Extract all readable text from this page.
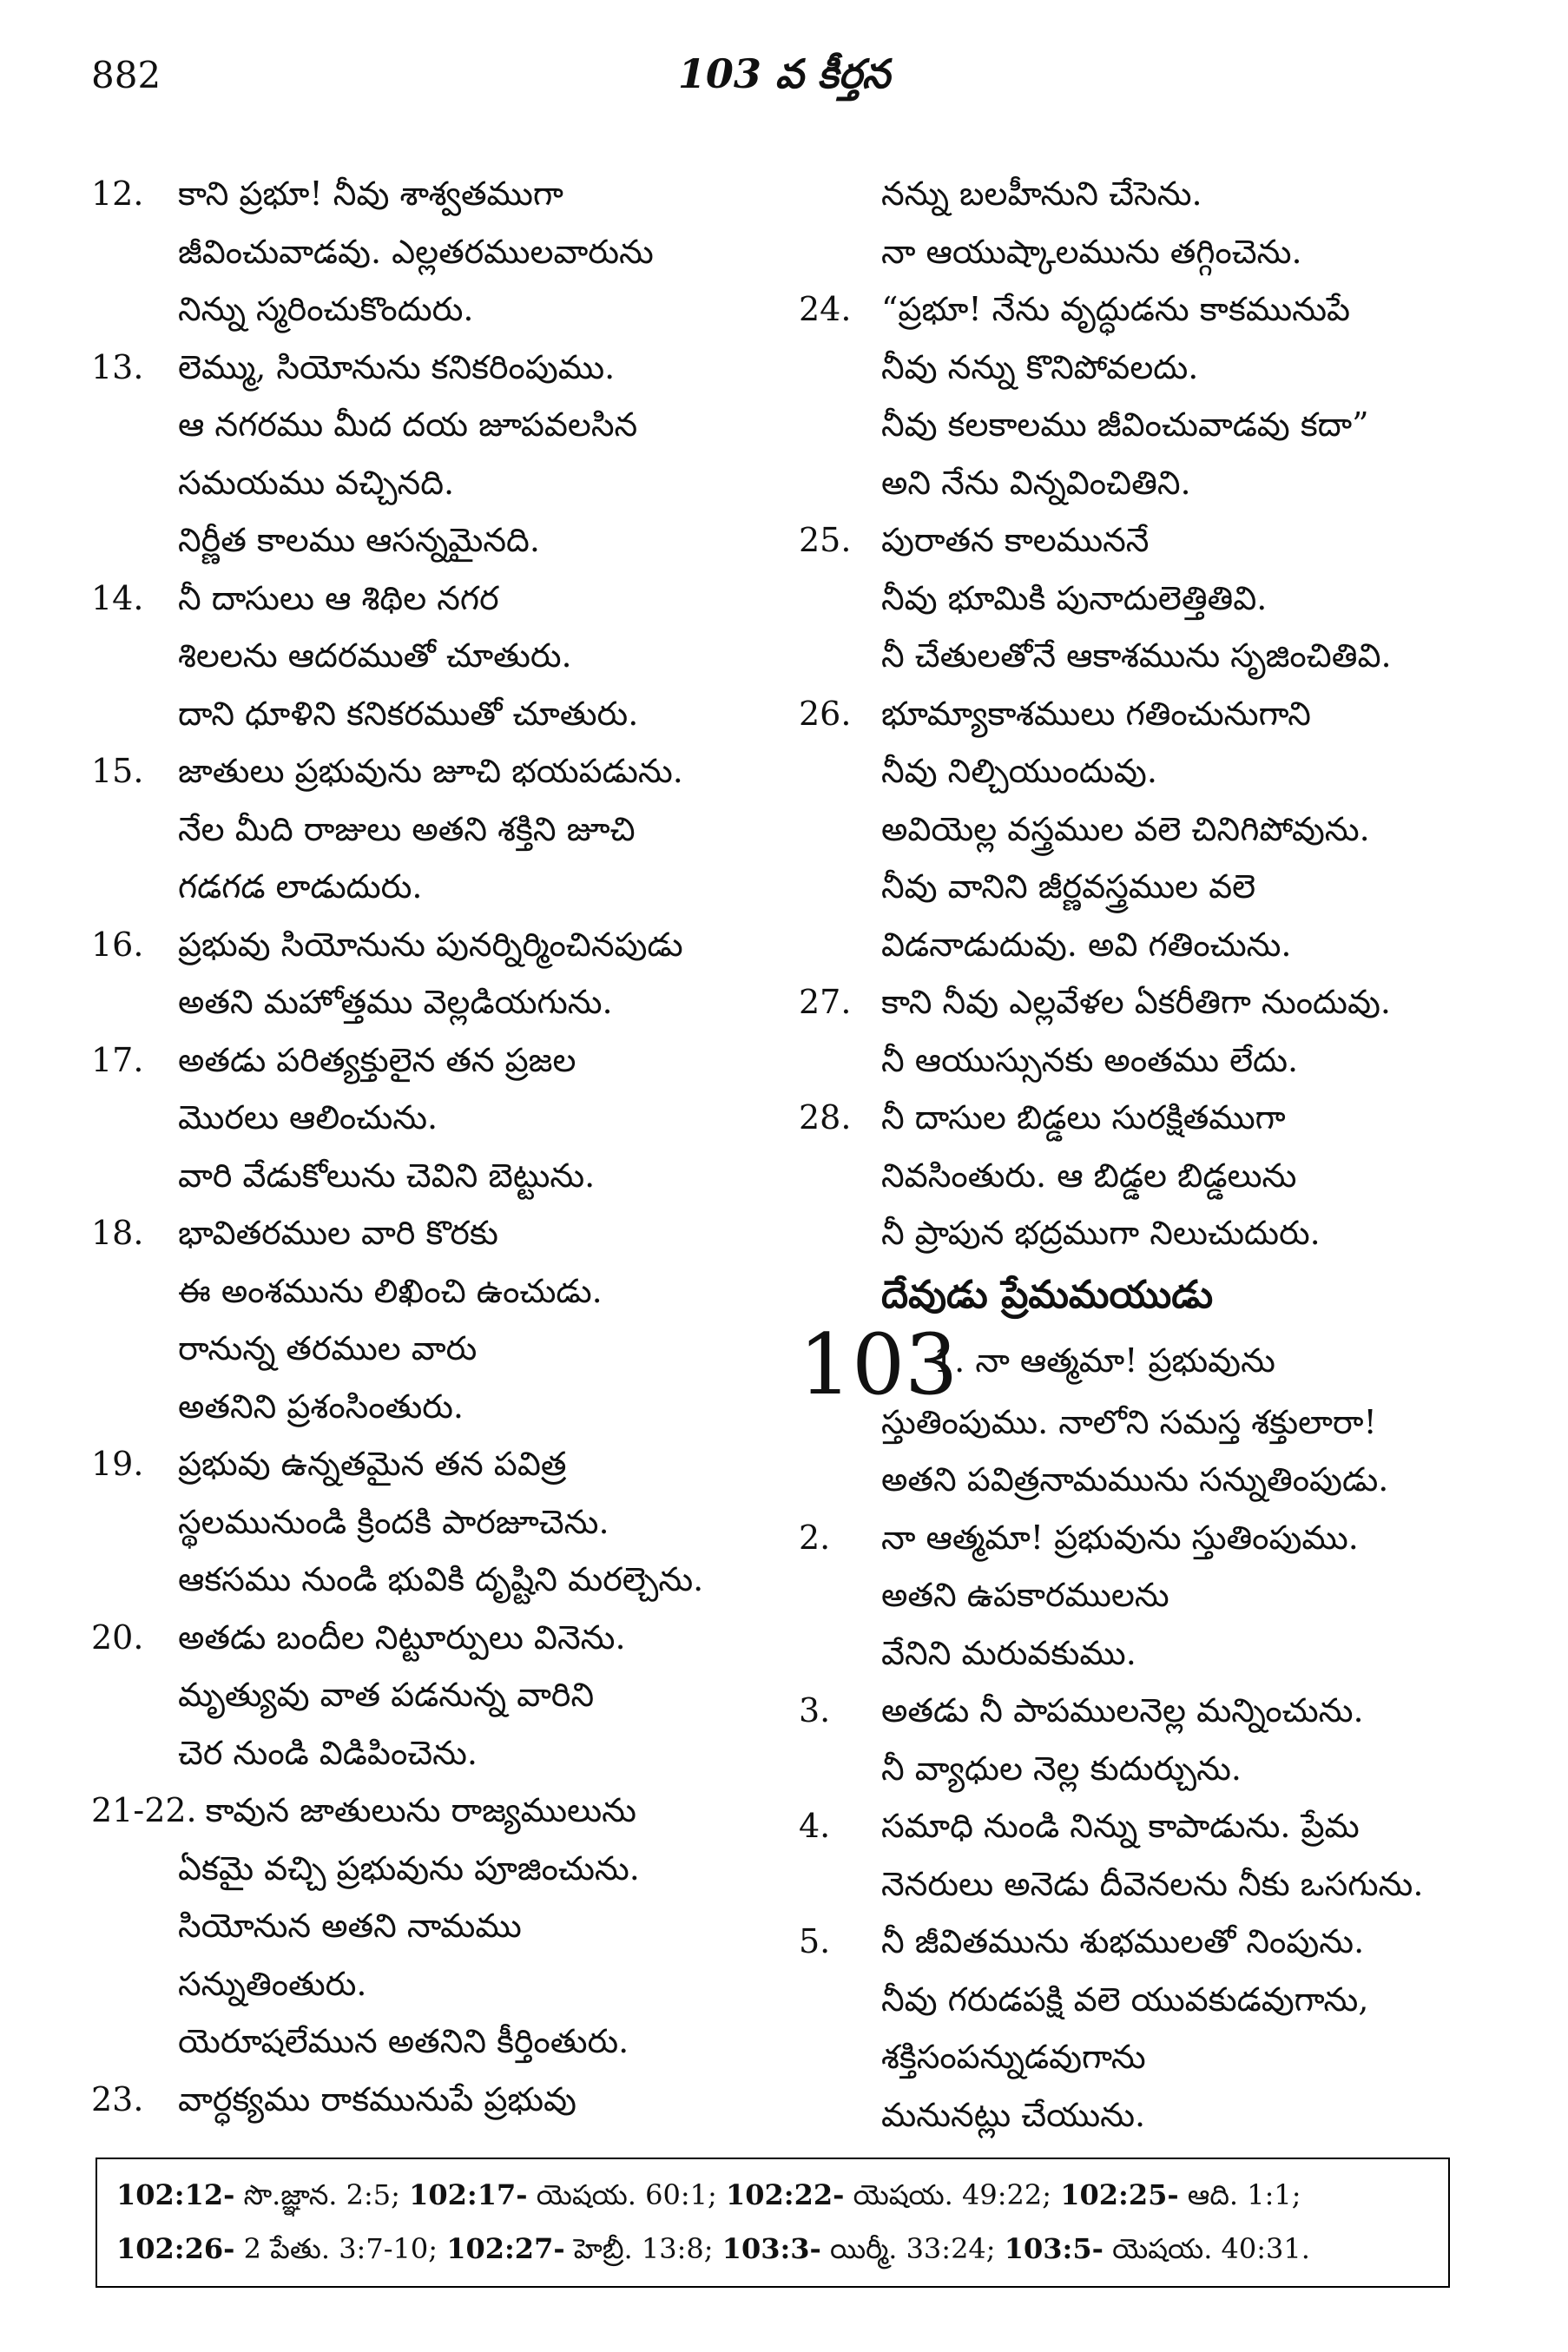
882	103 వ కీర్తన
12. కాని ప్రభూ! నీవు శాశ్వతముగా
జీవించువాడవు. ఎల్లతరములవారును
నిన్ను స్మరించుకొందురు.
13. లెమ్ము, సియోనును కనికరింపుము.
ఆ నగరము మీద దయ జూపవలసిన
సమయము వచ్చినది.
నిర్ణీత కాలము ఆసన్నమైనది.
14. నీ దాసులు ఆ శిథిల నగర
శిలలను ఆదరముతో చూతురు.
దాని ధూళిని కనికరముతో చూతురు.
15. జాతులు ప్రభువును జూచి భయపడును.
నేల మీది రాజులు అతని శక్తిని జూచి
గడగడ లాడుదురు.
16. ప్రభువు సియోనును పునర్నిర్మించినపుడు
అతని మహోత్తము వెల్లడియగును.
17. అతడు పరిత్యక్తులైన తన ప్రజల
మొరలు ఆలించును.
వారి వేడుకోలును చెవిని బెట్టును.
18. భావితరముల వారి కొరకు
ఈ అంశమును లిఖించి ఉంచుడు.
రానున్న తరముల వారు
అతనిని ప్రశంసింతురు.
19. ప్రభువు ఉన్నతమైన తన పవిత్ర
స్థలమునుండి క్రిందకి పారజూచెను.
ఆకసము నుండి భువికి దృష్టిని మరల్చెను.
20. అతడు బందీల నిట్టూర్పులు వినెను.
మృత్యువు వాత పడనున్న వారిని
చెర నుండి విడిపించెను.
21-22. కావున జాతులును రాజ్యములును
ఏకమై వచ్చి ప్రభువును పూజించును.
సియోనున అతని నామము
సన్నుతింతురు.
యెరూషలేమున అతనిని కీర్తింతురు.
23. వార్ధక్యము రాకమునుపే ప్రభువు
నన్ను బలహీనుని చేసెను.
నా ఆయుష్కాలమును తగ్గించెను.
24. “ప్రభూ! నేను వృద్ధుడను కాకమునుపే
నీవు నన్ను కొనిపోవలదు.
నీవు కలకాలము జీవించువాడవు కదా”
అని నేను విన్నవించితిని.
25. పురాతన కాలముననే
నీవు భూమికి పునాదులెత్తితివి.
నీ చేతులతోనే ఆకాశమును సృజించితివి.
26. భూమ్యాకాశములు గతించునుగాని
నీవు నిల్చియుందువు.
అవియెల్ల వస్త్రముల వలె చినిగిపోవును.
నీవు వానిని జీర్ణవస్త్రముల వలె
విడనాడుదువు. అవి గతించును.
27. కాని నీవు ఎల్లవేళల ఏకరీతిగా నుందువు.
నీ ఆయుస్సునకు అంతము లేదు.
28. నీ దాసుల బిడ్డలు సురక్షితముగా
నివసింతురు. ఆ బిడ్డల బిడ్డలును
నీ ప్రాపున భద్రముగా నిలుచుదురు.
దేవుడు ప్రేమమయుడు
103
1. నా ఆత్మమా! ప్రభువును
స్తుతింపుము. నాలోని సమస్త శక్తులారా!
అతని పవిత్రనామమును సన్నుతింపుడు.
2. నా ఆత్మమా! ప్రభువును స్తుతింపుము.
అతని ఉపకారములను
వేనిని మరువకుము.
3. అతడు నీ పాపములనెల్ల మన్నించును.
నీ వ్యాధుల నెల్ల కుదుర్చును.
4. సమాధి నుండి నిన్ను కాపాడును. ప్రేమ
నెనరులు అనెడు దీవెనలను నీకు ఒసగును.
5. నీ జీవితమును శుభములతో నింపును.
నీవు గరుడపక్షి వలె యువకుడవుగాను,
శక్తిసంపన్నుడవుగాను
మనునట్లు చేయును.
102:12- సొ.జ్ఞాన. 2:5; 102:17- యెషయ. 60:1; 102:22- యెషయ. 49:22; 102:25- ఆది. 1:1;
102:26- 2 పేతు. 3:7-10; 102:27- హెబ్రీ. 13:8; 103:3- యిర్మీ. 33:24; 103:5- యెషయ. 40:31.
